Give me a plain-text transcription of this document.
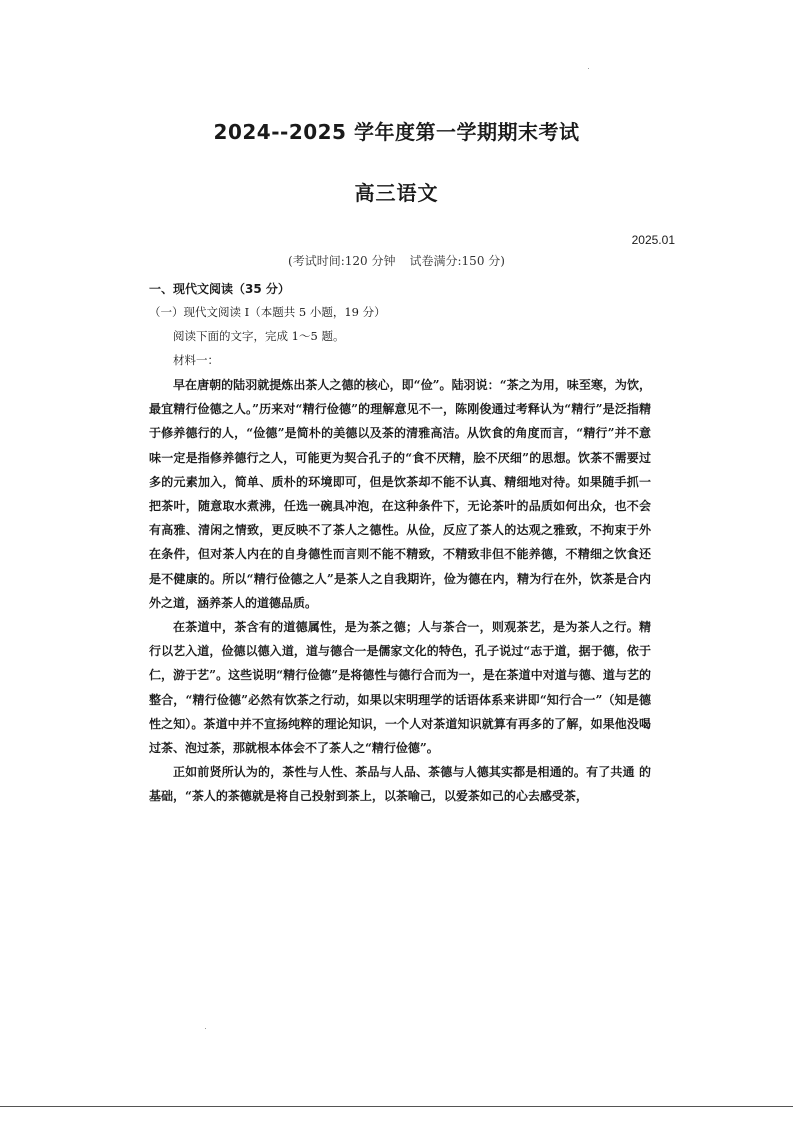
2024--2025 学年度第一学期期末考试
高三语文
2025.01
(考试时间:120 分钟 试卷满分:150 分)
一、现代文阅读（35 分）
（一）现代文阅读 I（本题共 5 小题，19 分）
阅读下面的文字，完成 1～5 题。
材料一：

早在唐朝的陆羽就提炼出茶人之德的核心，即“俭”。陆羽说：“茶之为用，味至寒，为饮，最宜精行俭德之人。”历来对“精行俭德”的理解意见不一，陈刚俊通过考释认为“精行”是泛指精于修养德行的人，“俭德”是简朴的美德以及茶的清雅高洁。从饮食的角度而言，“精行”并不意味一定是指修养德行之人，可能更为契合孔子的“食不厌精，脍不厌细”的思想。饮茶不需要过多的元素加入，简单、质朴的环境即可，但是饮茶却不能不认真、精细地对待。如果随手抓一把茶叶，随意取水煮沸，任选一碗具冲泡，在这种条件下，无论茶叶的品质如何出众，也不会有高雅、清闲之情致，更反映不了茶人之德性。从俭，反应了茶人的达观之雅致，不拘束于外在条件，但对茶人内在的自身德性而言则不能不精致，不精致非但不能养德，不精细之饮食还是不健康的。所以“精行俭德之人”是茶人之自我期许，俭为德在内，精为行在外，饮茶是合内外之道，涵养茶人的道德品质。

在茶道中，茶含有的道德属性，是为茶之德；人与茶合一，则观茶艺，是为茶人之行。精行以艺入道，俭德以德入道，道与德合一是儒家文化的特色，孔子说过“志于道，据于德，依于仁，游于艺”。这些说明“精行俭德”是将德性与德行合而为一，是在茶道中对道与德、道与艺的整合，“精行俭德”必然有饮茶之行动，如果以宋明理学的话语体系来讲即“知行合一”（知是德性之知）。茶道中并不宣扬纯粹的理论知识，一个人对茶道知识就算有再多的了解，如果他没喝过茶、泡过茶，那就根本体会不了茶人之“精行俭德”。

正如前贤所认为的，茶性与人性、茶品与人品、茶德与人德其实都是相通的。有了共通 的基础，“茶人的茶德就是将自己投射到茶上，以茶喻己，以爱茶如己的心去感受茶，
